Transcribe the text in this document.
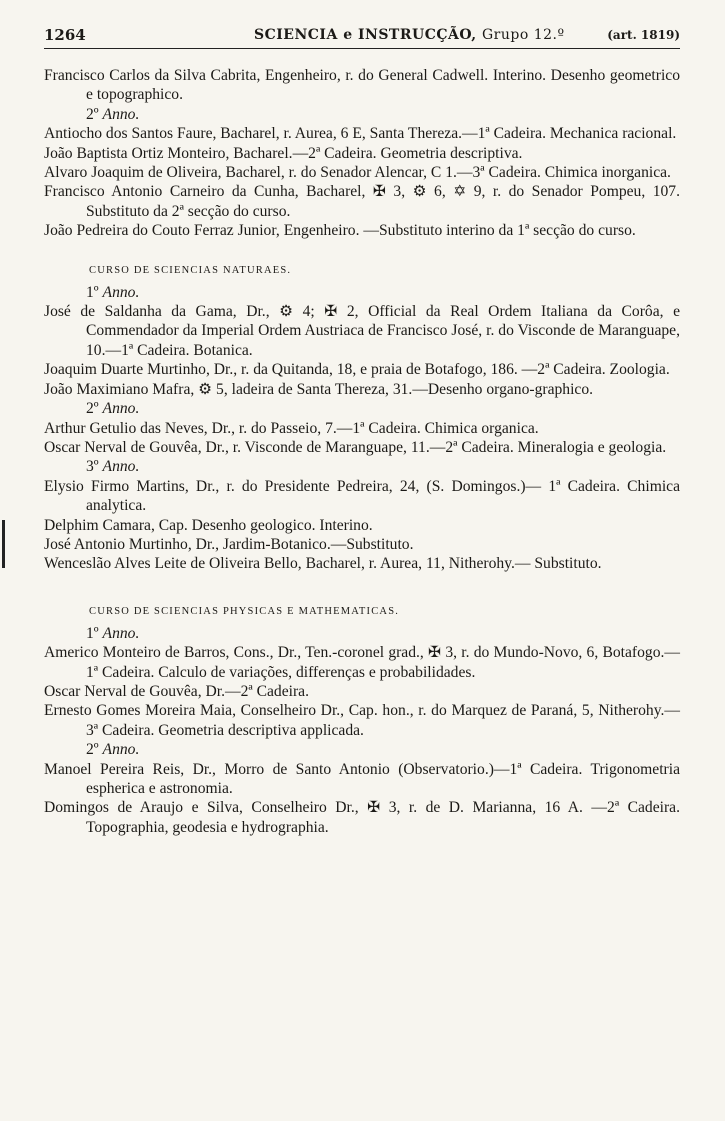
1264	SCIENCIA e INSTRUCÇÃO, Grupo 12.º	(art. 1819)

Francisco Carlos da Silva Cabrita, Engenheiro, r. do General Cadwell. Interino. Desenho geometrico e topographico.

2º Anno.

Antiocho dos Santos Faure, Bacharel, r. Aurea, 6 E, Santa Thereza.—1ª Cadeira. Mechanica racional.

João Baptista Ortiz Monteiro, Bacharel.—2ª Cadeira. Geometria descriptiva.

Alvaro Joaquim de Oliveira, Bacharel, r. do Senador Alencar, C 1.—3ª Cadeira. Chimica inorganica.

Francisco Antonio Carneiro da Cunha, Bacharel, ✠ 3, ⚙ 6, ✡ 9, r. do Senador Pompeu, 107. Substituto da 2ª secção do curso.

João Pedreira do Couto Ferraz Junior, Engenheiro. —Substituto interino da 1ª secção do curso.

CURSO DE SCIENCIAS NATURAES.

1º Anno.

José de Saldanha da Gama, Dr., ⚙ 4; ✠ 2, Official da Real Ordem Italiana da Corôa, e Commendador da Imperial Ordem Austriaca de Francisco José, r. do Visconde de Maranguape, 10.—1ª Cadeira. Botanica.

Joaquim Duarte Murtinho, Dr., r. da Quitanda, 18, e praia de Botafogo, 186. —2ª Cadeira. Zoologia.

João Maximiano Mafra, ⚙ 5, ladeira de Santa Thereza, 31.—Desenho organo-graphico.

2º Anno.

Arthur Getulio das Neves, Dr., r. do Passeio, 7.—1ª Cadeira. Chimica organica.

Oscar Nerval de Gouvêa, Dr., r. Visconde de Maranguape, 11.—2ª Cadeira. Mineralogia e geologia.

3º Anno.

Elysio Firmo Martins, Dr., r. do Presidente Pedreira, 24, (S. Domingos.)— 1ª Cadeira. Chimica analytica.

Delphim Camara, Cap. Desenho geologico. Interino.

José Antonio Murtinho, Dr., Jardim-Botanico.—Substituto.

Wenceslão Alves Leite de Oliveira Bello, Bacharel, r. Aurea, 11, Nitherohy.— Substituto.

CURSO DE SCIENCIAS PHYSICAS E MATHEMATICAS.

1º Anno.

Americo Monteiro de Barros, Cons., Dr., Ten.-coronel grad., ✠ 3, r. do Mundo-Novo, 6, Botafogo.—1ª Cadeira. Calculo de variações, differenças e probabilidades.

Oscar Nerval de Gouvêa, Dr.—2ª Cadeira.

Ernesto Gomes Moreira Maia, Conselheiro Dr., Cap. hon., r. do Marquez de Paraná, 5, Nitherohy.—3ª Cadeira. Geometria descriptiva applicada.

2º Anno.

Manoel Pereira Reis, Dr., Morro de Santo Antonio (Observatorio.)—1ª Cadeira. Trigonometria espherica e astronomia.

Domingos de Araujo e Silva, Conselheiro Dr., ✠ 3, r. de D. Marianna, 16 A. —2ª Cadeira. Topographia, geodesia e hydrographia.
